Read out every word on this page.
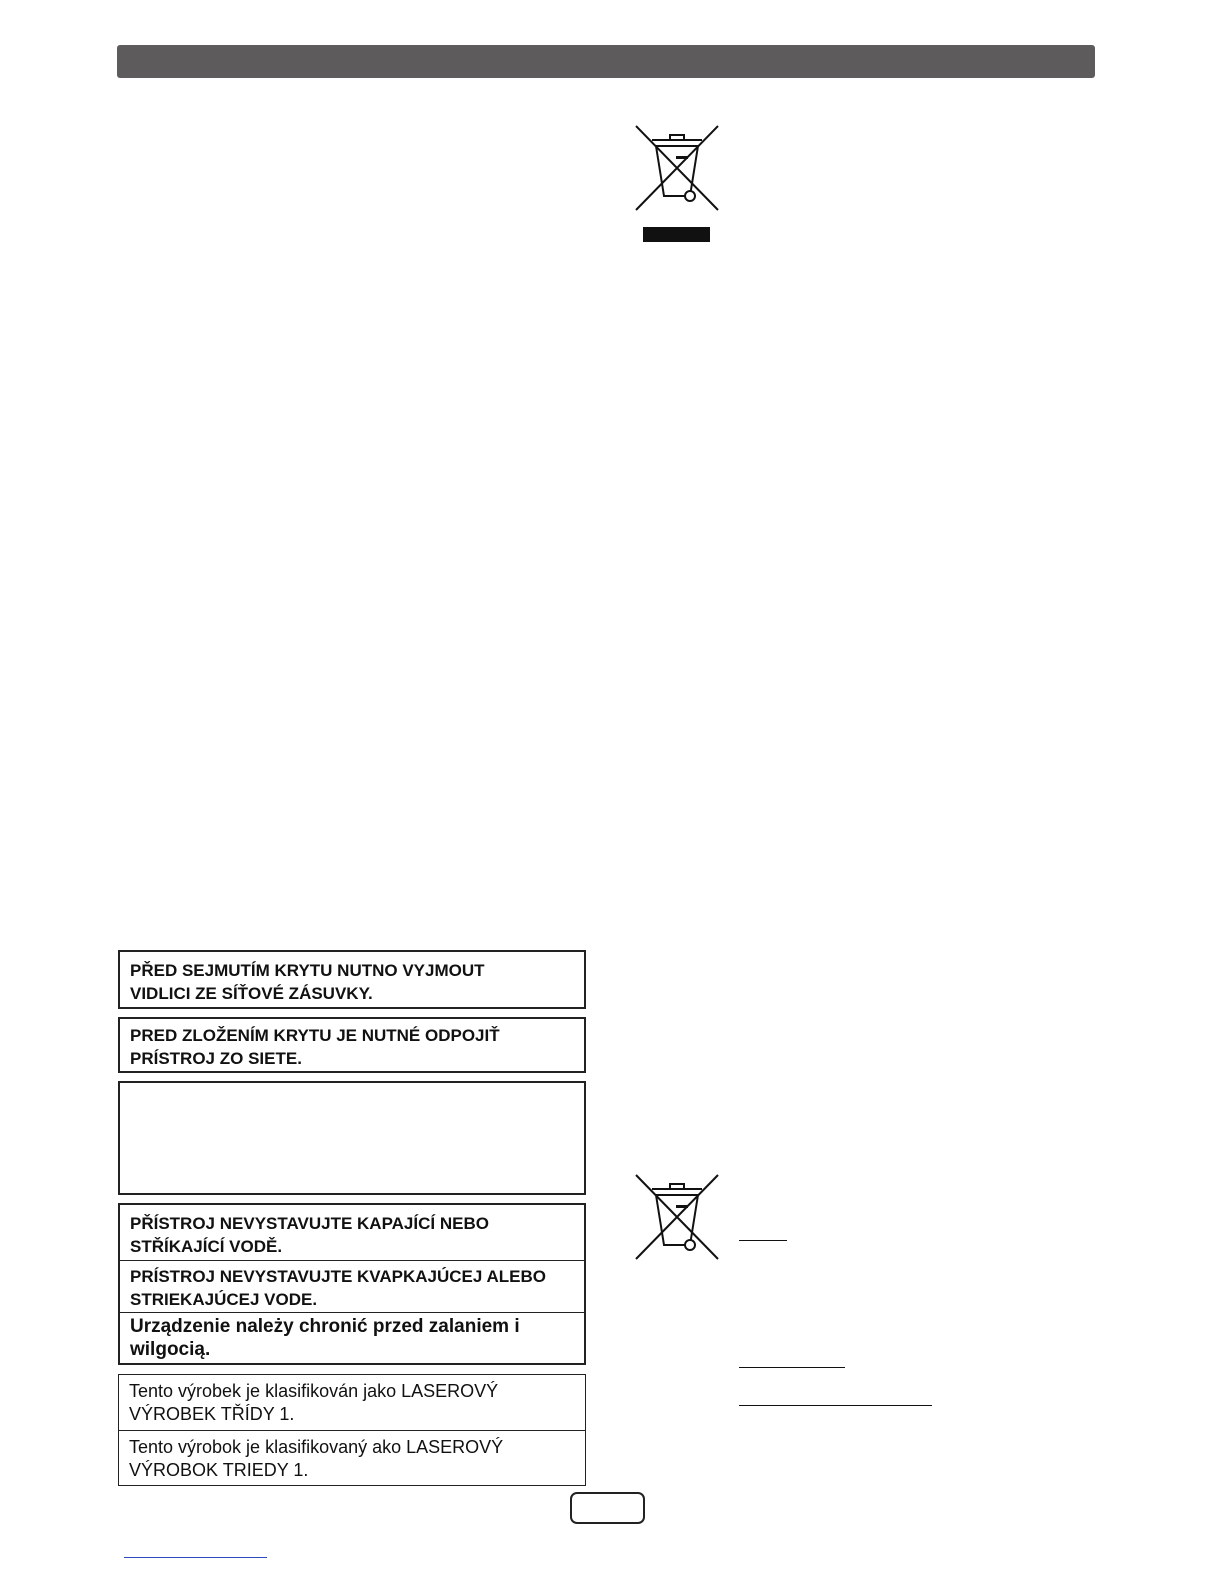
PŘED SEJMUTÍM KRYTU NUTNO VYJMOUT
VIDLICI ZE SÍŤOVÉ ZÁSUVKY.
PRED ZLOŽENÍM KRYTU JE NUTNÉ ODPOJIŤ
PRÍSTROJ ZO SIETE.
PŘÍSTROJ NEVYSTAVUJTE KAPAJÍCÍ NEBO
STŘÍKAJÍCÍ VODĚ.
PRÍSTROJ NEVYSTAVUJTE KVAPKAJÚCEJ ALEBO
STRIEKAJÚCEJ VODE.
Urządzenie należy chronić przed zalaniem i
wilgocią.
Tento výrobek je klasifikován jako LASEROVÝ
VÝROBEK TŘÍDY 1.
Tento výrobok je klasifikovaný ako LASEROVÝ
VÝROBOK TRIEDY 1.
